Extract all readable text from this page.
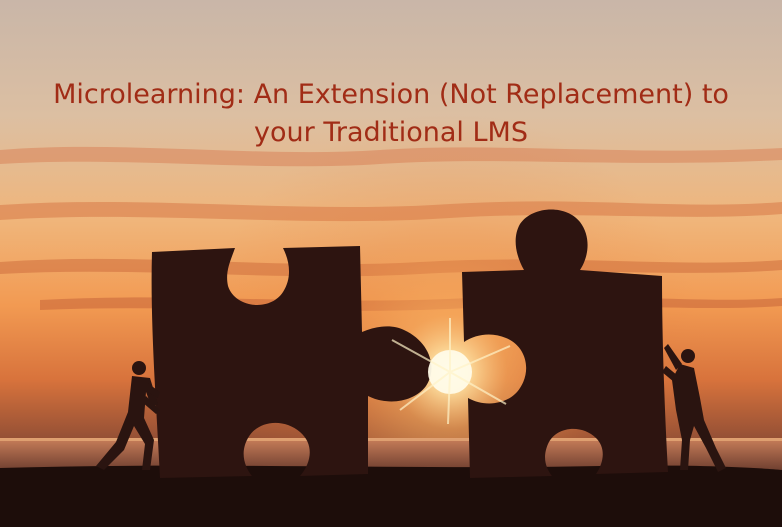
Microlearning: An Extension (Not Replacement) to
your Traditional LMS
